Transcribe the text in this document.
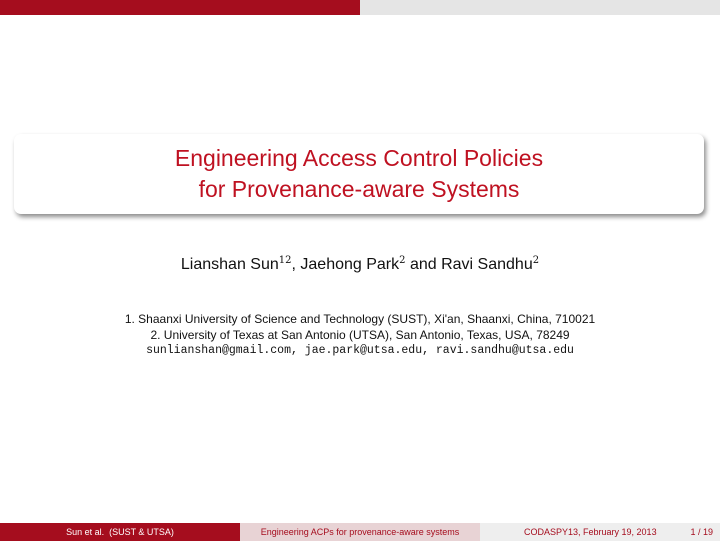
Engineering Access Control Policies
for Provenance-aware Systems
Lianshan Sun$^{12}$, Jaehong Park$^2$ and Ravi Sandhu$^2$
1. Shaanxi University of Science and Technology (SUST), Xi'an, Shaanxi, China, 710021
2. University of Texas at San Antonio (UTSA), San Antonio, Texas, USA, 78249
sunlianshan@gmail.com, jae.park@utsa.edu, ravi.sandhu@utsa.edu
Sun et al.  (SUST & UTSA)	Engineering ACPs for provenance-aware systems	CODASPY13, February 19, 2013	1 / 19
